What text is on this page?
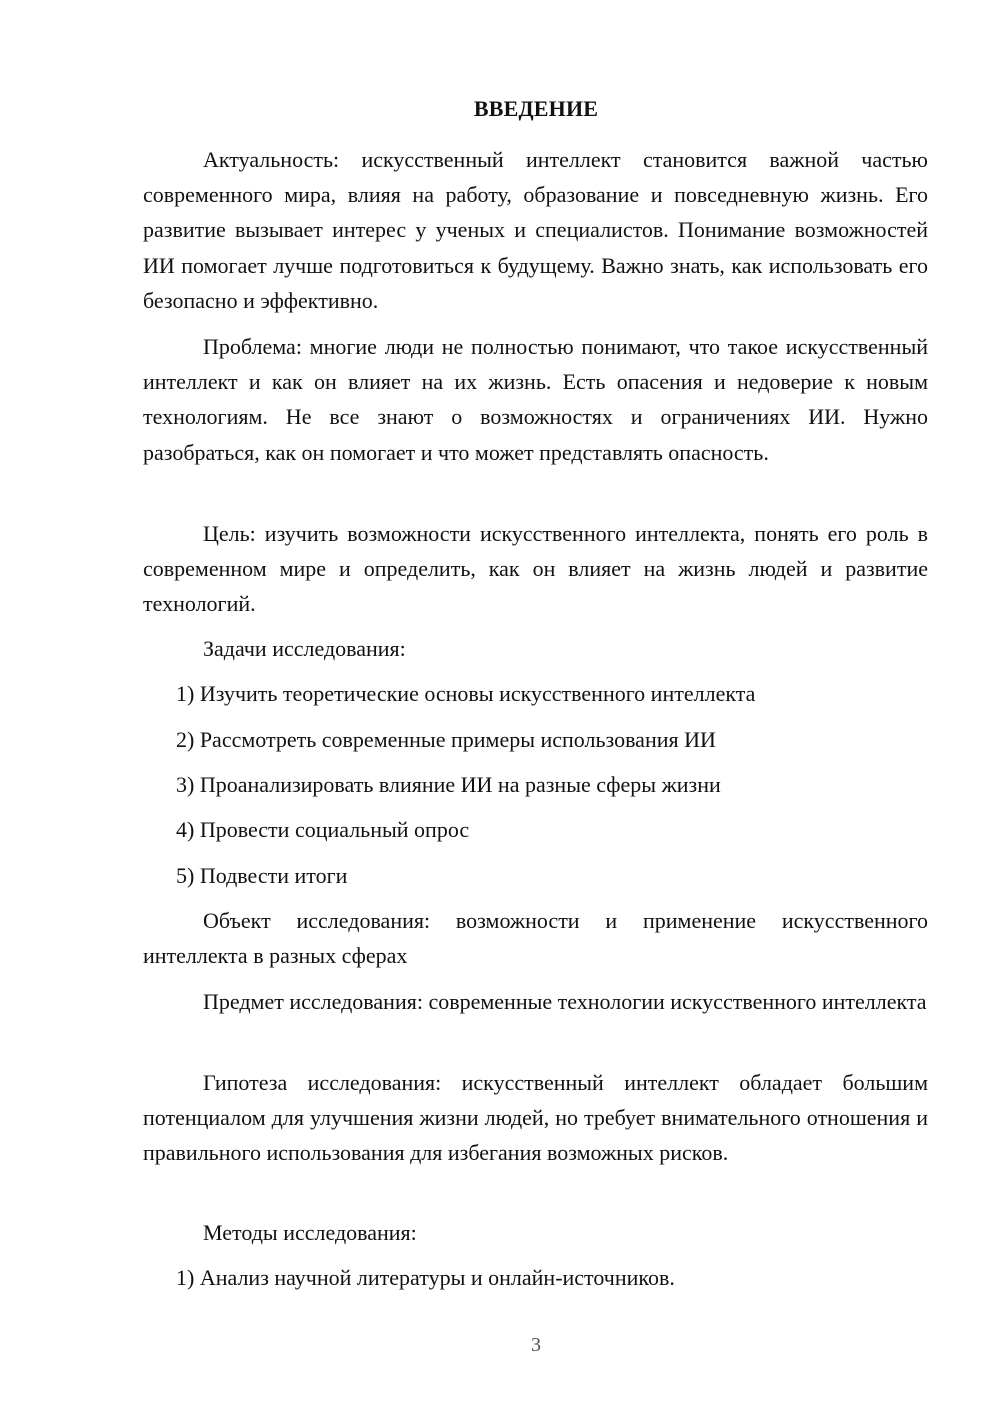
ВВЕДЕНИЕ

Актуальность: искусственный интеллект становится важной частью современного мира, влияя на работу, образование и повседневную жизнь. Его развитие вызывает интерес у ученых и специалистов. Понимание возможностей ИИ помогает лучше подготовиться к будущему. Важно знать, как использовать его безопасно и эффективно.

Проблема: многие люди не полностью понимают, что такое искусственный интеллект и как он влияет на их жизнь. Есть опасения и недоверие к новым технологиям. Не все знают о возможностях и ограничениях ИИ. Нужно разобраться, как он помогает и что может представлять опасность.

Цель: изучить возможности искусственного интеллекта, понять его роль в современном мире и определить, как он влияет на жизнь людей и развитие технологий.

Задачи исследования:
1) Изучить теоретические основы искусственного интеллекта
2) Рассмотреть современные примеры использования ИИ
3) Проанализировать влияние ИИ на разные сферы жизни
4) Провести социальный опрос
5) Подвести итоги

Объект исследования: возможности и применение искусственного интеллекта в разных сферах

Предмет исследования: современные технологии искусственного интеллекта

Гипотеза исследования: искусственный интеллект обладает большим потенциалом для улучшения жизни людей, но требует внимательного отношения и правильного использования для избегания возможных рисков.

Методы исследования:
1) Анализ научной литературы и онлайн-источников.
3
